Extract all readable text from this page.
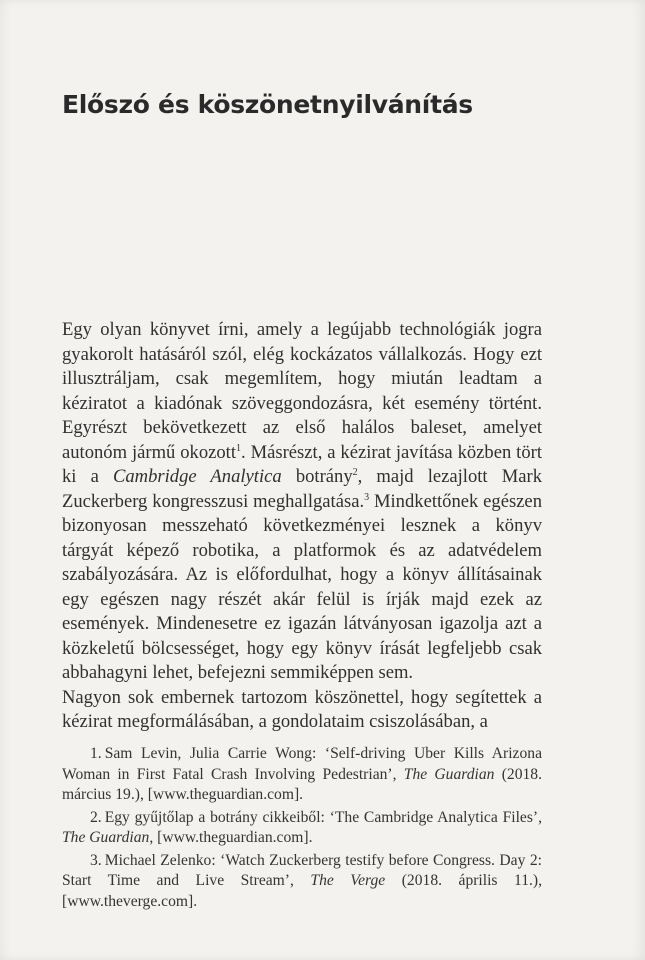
Előszó és köszönetnyilvánítás

Egy olyan könyvet írni, amely a legújabb technológiák jogra gyakorolt hatásáról szól, elég kockázatos vállalkozás. Hogy ezt illusztráljam, csak megemlítem, hogy miután leadtam a kéziratot a kiadónak szöveggondozásra, két esemény történt. Egyrészt bekövetkezett az első halálos baleset, amelyet autonóm jármű okozott$^1$. Másrészt, a kézirat javítása közben tört ki a Cambridge Analytica botrány$^2$, majd lezajlott Mark Zuckerberg kongresszusi meghallgatása.$^3$ Mindkettőnek egészen bizonyosan messzeható következményei lesznek a könyv tárgyát képező robotika, a platformok és az adatvédelem szabályozására. Az is előfordulhat, hogy a könyv állításainak egy egészen nagy részét akár felül is írják majd ezek az események. Mindenesetre ez igazán látványosan igazolja azt a közkeletű bölcsességet, hogy egy könyv írását legfeljebb csak abbahagyni lehet, befejezni semmiképpen sem.

Nagyon sok embernek tartozom köszönettel, hogy segítettek a kézirat megformálásában, a gondolataim csiszolásában, a

1. Sam Levin, Julia Carrie Wong: ‘Self-driving Uber Kills Arizona Woman in First Fatal Crash Involving Pedestrian’, The Guardian (2018. március 19.), [www.theguardian.com].

2. Egy gyűjtőlap a botrány cikkeiből: ‘The Cambridge Analytica Files’, The Guardian, [www.theguardian.com].

3. Michael Zelenko: ‘Watch Zuckerberg testify before Congress. Day 2: Start Time and Live Stream’, The Verge (2018. április 11.), [www.theverge.com].
